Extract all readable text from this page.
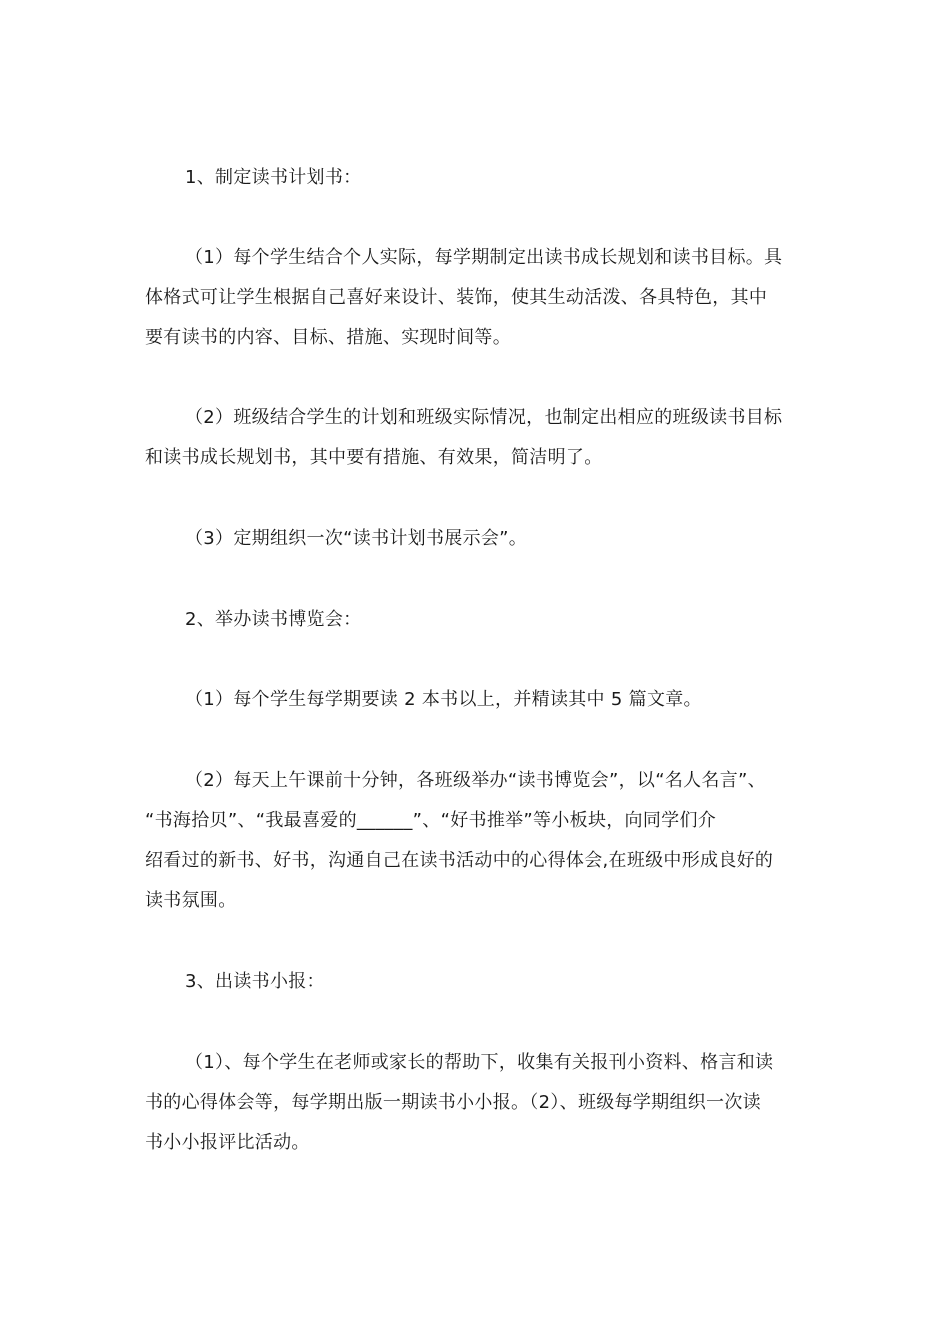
1、制定读书计划书：

（1）每个学生结合个人实际，每学期制定出读书成长规划和读书目标。具
体格式可让学生根据自己喜好来设计、装饰，使其生动活泼、各具特色，其中
要有读书的内容、目标、措施、实现时间等。

（2）班级结合学生的计划和班级实际情况，也制定出相应的班级读书目标
和读书成长规划书，其中要有措施、有效果，简洁明了。

（3）定期组织一次“读书计划书展示会”。

2、举办读书博览会：

（1）每个学生每学期要读 2 本书以上，并精读其中 5 篇文章。

（2）每天上午课前十分钟，各班级举办“读书博览会”，以“名人名言”、
“书海拾贝”、“我最喜爱的______”、“好书推举”等小板块，向同学们介
绍看过的新书、好书，沟通自己在读书活动中的心得体会,在班级中形成良好的
读书氛围。

3、出读书小报：

（1）、每个学生在老师或家长的帮助下，收集有关报刊小资料、格言和读
书的心得体会等，每学期出版一期读书小小报。（2）、班级每学期组织一次读
书小小报评比活动。
